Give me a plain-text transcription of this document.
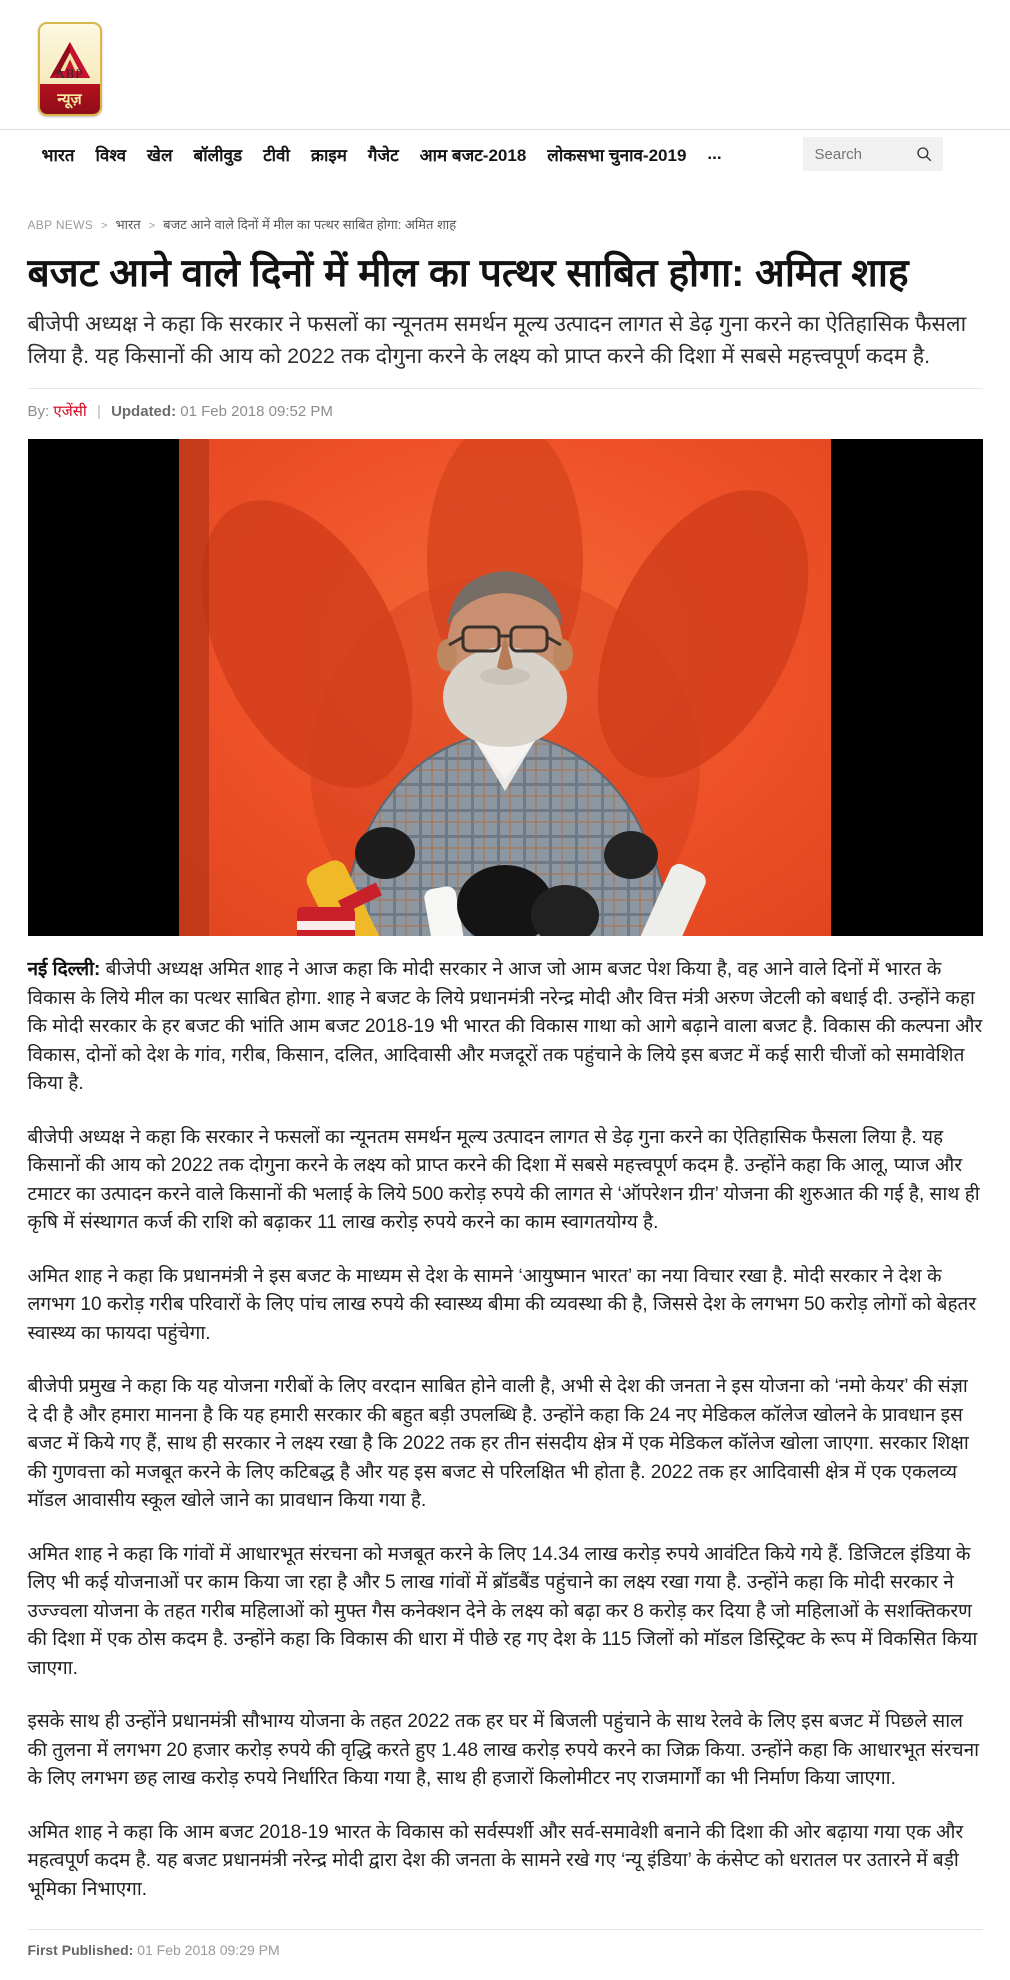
ABP
न्यूज़
भारत विश्व खेल बॉलीवुड टीवी क्राइम गैजेट आम बजट-2018 लोकसभा चुनाव-2019 ...
Search
ABP NEWS > भारत > बजट आने वाले दिनों में मील का पत्थर साबित होगा: अमित शाह
बजट आने वाले दिनों में मील का पत्थर साबित होगा: अमित शाह

बीजेपी अध्यक्ष ने कहा कि सरकार ने फसलों का न्यूनतम समर्थन मूल्य उत्पादन लागत से डेढ़ गुना करने का ऐतिहासिक फैसला लिया है. यह किसानों की आय को 2022 तक दोगुना करने के लक्ष्य को प्राप्त करने की दिशा में सबसे महत्त्वपूर्ण कदम है.

By: एजेंसी | Updated: 01 Feb 2018 09:52 PM

नई दिल्ली: बीजेपी अध्यक्ष अमित शाह ने आज कहा कि मोदी सरकार ने आज जो आम बजट पेश किया है, वह आने वाले दिनों में भारत के विकास के लिये मील का पत्थर साबित होगा. शाह ने बजट के लिये प्रधानमंत्री नरेन्द्र मोदी और वित्त मंत्री अरुण जेटली को बधाई दी. उन्होंने कहा कि मोदी सरकार के हर बजट की भांति आम बजट 2018-19 भी भारत की विकास गाथा को आगे बढ़ाने वाला बजट है. विकास की कल्पना और विकास, दोनों को देश के गांव, गरीब, किसान, दलित, आदिवासी और मजदूरों तक पहुंचाने के लिये इस बजट में कई सारी चीजों को समावेशित किया है.

बीजेपी अध्यक्ष ने कहा कि सरकार ने फसलों का न्यूनतम समर्थन मूल्य उत्पादन लागत से डेढ़ गुना करने का ऐतिहासिक फैसला लिया है. यह किसानों की आय को 2022 तक दोगुना करने के लक्ष्य को प्राप्त करने की दिशा में सबसे महत्त्वपूर्ण कदम है. उन्होंने कहा कि आलू, प्याज और टमाटर का उत्पादन करने वाले किसानों की भलाई के लिये 500 करोड़ रुपये की लागत से ‘ऑपरेशन ग्रीन’ योजना की शुरुआत की गई है, साथ ही कृषि में संस्थागत कर्ज की राशि को बढ़ाकर 11 लाख करोड़ रुपये करने का काम स्वागतयोग्य है.

अमित शाह ने कहा कि प्रधानमंत्री ने इस बजट के माध्यम से देश के सामने ‘आयुष्मान भारत’ का नया विचार रखा है. मोदी सरकार ने देश के लगभग 10 करोड़ गरीब परिवारों के लिए पांच लाख रुपये की स्वास्थ्य बीमा की व्यवस्था की है, जिससे देश के लगभग 50 करोड़ लोगों को बेहतर स्वास्थ्य का फायदा पहुंचेगा.

बीजेपी प्रमुख ने कहा कि यह योजना गरीबों के लिए वरदान साबित होने वाली है, अभी से देश की जनता ने इस योजना को ‘नमो केयर’ की संज्ञा दे दी है और हमारा मानना है कि यह हमारी सरकार की बहुत बड़ी उपलब्धि है. उन्होंने कहा कि 24 नए मेडिकल कॉलेज खोलने के प्रावधान इस बजट में किये गए हैं, साथ ही सरकार ने लक्ष्य रखा है कि 2022 तक हर तीन संसदीय क्षेत्र में एक मेडिकल कॉलेज खोला जाएगा. सरकार शिक्षा की गुणवत्ता को मजबूत करने के लिए कटिबद्ध है और यह इस बजट से परिलक्षित भी होता है. 2022 तक हर आदिवासी क्षेत्र में एक एकलव्य मॉडल आवासीय स्कूल खोले जाने का प्रावधान किया गया है.

अमित शाह ने कहा कि गांवों में आधारभूत संरचना को मजबूत करने के लिए 14.34 लाख करोड़ रुपये आवंटित किये गये हैं. डिजिटल इंडिया के लिए भी कई योजनाओं पर काम किया जा रहा है और 5 लाख गांवों में ब्रॉडबैंड पहुंचाने का लक्ष्य रखा गया है. उन्होंने कहा कि मोदी सरकार ने उज्ज्वला योजना के तहत गरीब महिलाओं को मुफ्त गैस कनेक्शन देने के लक्ष्य को बढ़ा कर 8 करोड़ कर दिया है जो महिलाओं के सशक्तिकरण की दिशा में एक ठोस कदम है. उन्होंने कहा कि विकास की धारा में पीछे रह गए देश के 115 जिलों को मॉडल डिस्ट्रिक्ट के रूप में विकसित किया जाएगा.

इसके साथ ही उन्होंने प्रधानमंत्री सौभाग्य योजना के तहत 2022 तक हर घर में बिजली पहुंचाने के साथ रेलवे के लिए इस बजट में पिछले साल की तुलना में लगभग 20 हजार करोड़ रुपये की वृद्धि करते हुए 1.48 लाख करोड़ रुपये करने का जिक्र किया. उन्होंने कहा कि आधारभूत संरचना के लिए लगभग छह लाख करोड़ रुपये निर्धारित किया गया है, साथ ही हजारों किलोमीटर नए राजमार्गों का भी निर्माण किया जाएगा.

अमित शाह ने कहा कि आम बजट 2018-19 भारत के विकास को सर्वस्पर्शी और सर्व-समावेशी बनाने की दिशा की ओर बढ़ाया गया एक और महत्वपूर्ण कदम है. यह बजट प्रधानमंत्री नरेन्द्र मोदी द्वारा देश की जनता के सामने रखे गए ‘न्यू इंडिया’ के कंसेप्ट को धरातल पर उतारने में बड़ी भूमिका निभाएगा.

First Published: 01 Feb 2018 09:29 PM
